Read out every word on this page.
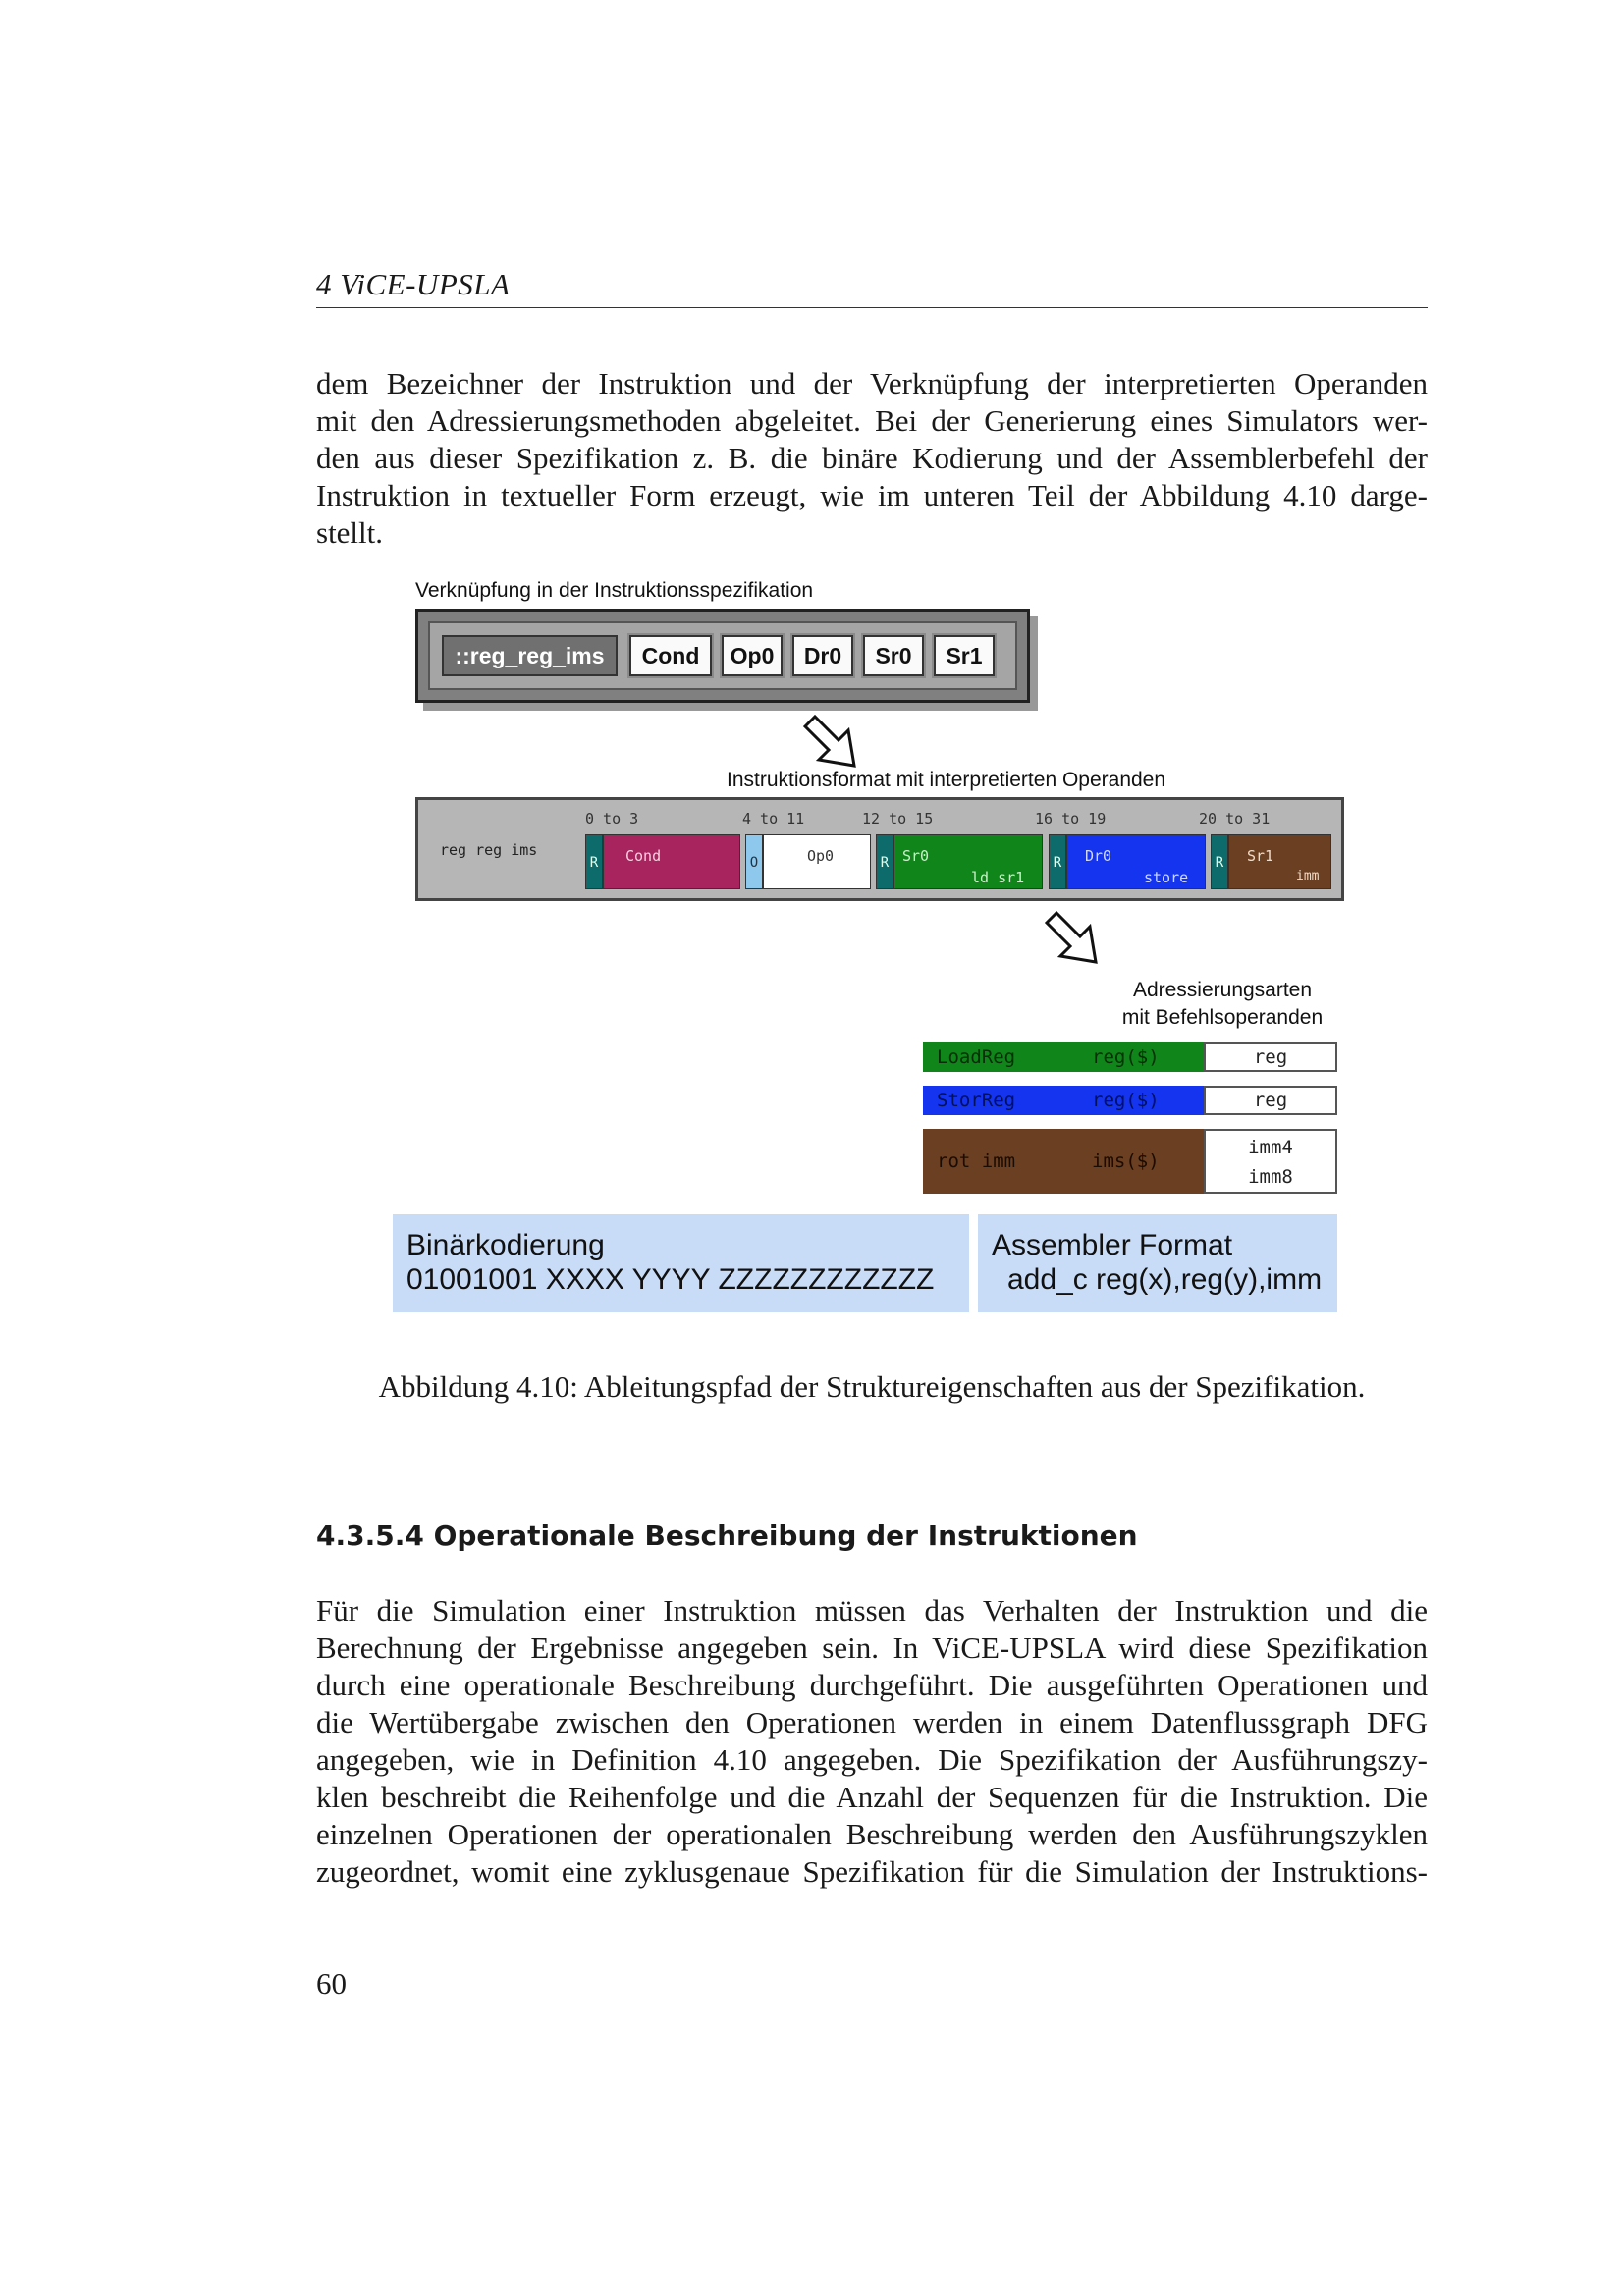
4 ViCE-UPSLA
dem Bezeichner der Instruktion und der Verknüpfung der interpretierten Operanden
mit den Adressierungsmethoden abgeleitet. Bei der Generierung eines Simulators wer-
den aus dieser Spezifikation z. B. die binäre Kodierung und der Assemblerbefehl der
Instruktion in textueller Form erzeugt, wie im unteren Teil der Abbildung 4.10 darge-
stellt.
Verknüpfung in der Instruktionsspezifikation
::reg_reg_ims	Cond	Op0	Dr0	Sr0	Sr1
Instruktionsformat mit interpretierten Operanden
reg reg ims
0 to 3	4 to 11	12 to 15	16 to 19	20 to 31
R	Cond	O	Op0	R Sr0
ld sr1
R	Dr0
store
R	Sr1
imm
Adressierungsarten
mit Befehlsoperanden
LoadReg	reg($)	reg
StorReg	reg($)	reg
rot imm	ims($)
imm4
imm8
Binärkodierung
01001001 XXXX YYYY ZZZZZZZZZZZZ
Assembler Format
add_c reg(x),reg(y),imm
Abbildung 4.10: Ableitungspfad der Struktureigenschaften aus der Spezifikation.
4.3.5.4 Operationale Beschreibung der Instruktionen
Für die Simulation einer Instruktion müssen das Verhalten der Instruktion und die
Berechnung der Ergebnisse angegeben sein. In ViCE-UPSLA wird diese Spezifikation
durch eine operationale Beschreibung durchgeführt. Die ausgeführten Operationen und
die Wertübergabe zwischen den Operationen werden in einem Datenflussgraph DFG
angegeben, wie in Definition 4.10 angegeben. Die Spezifikation der Ausführungszy-
klen beschreibt die Reihenfolge und die Anzahl der Sequenzen für die Instruktion. Die
einzelnen Operationen der operationalen Beschreibung werden den Ausführungszyklen
zugeordnet, womit eine zyklusgenaue Spezifikation für die Simulation der Instruktions-
60
